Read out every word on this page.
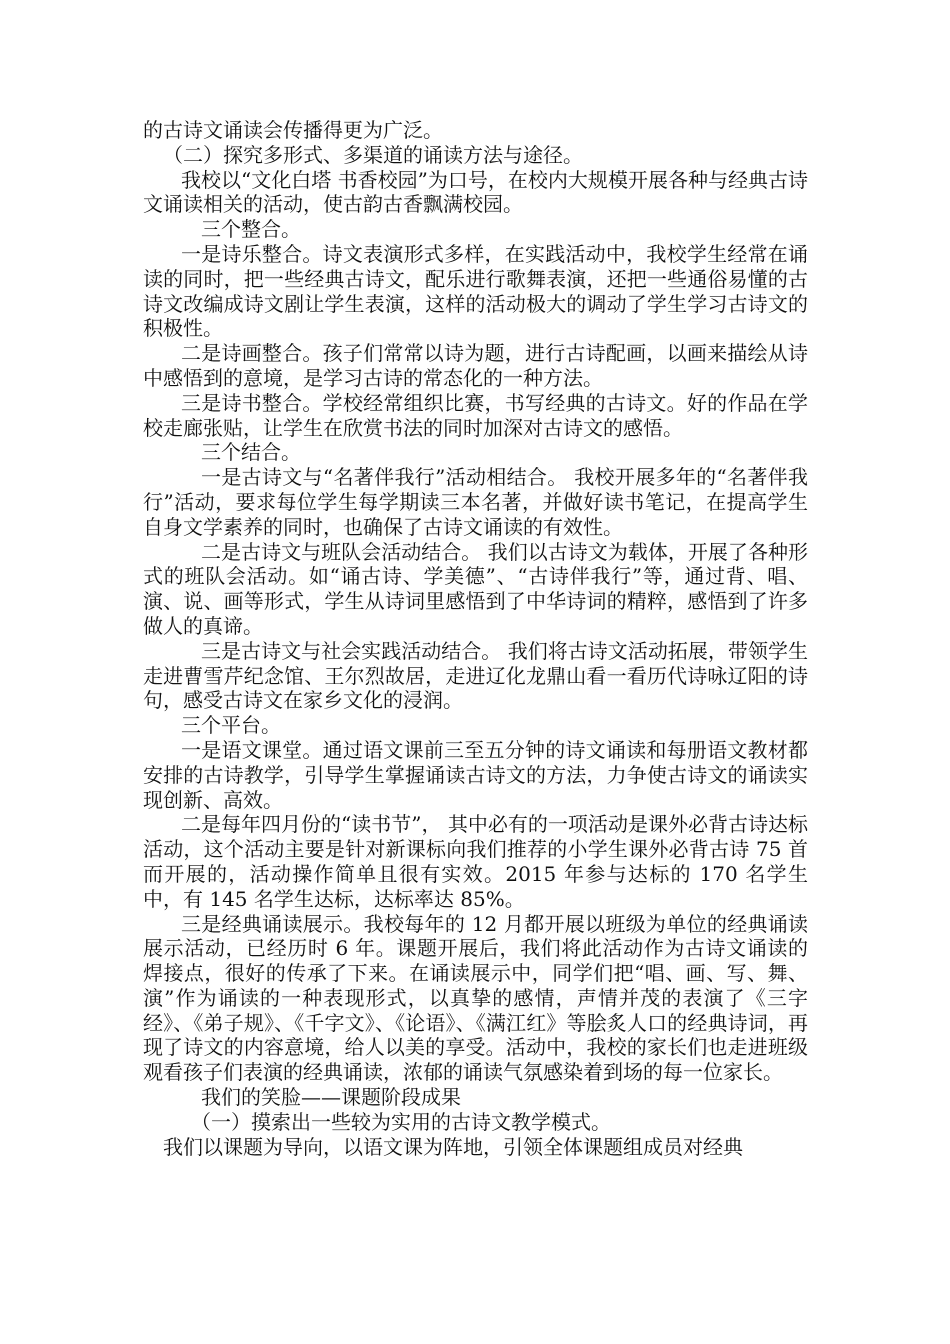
的古诗文诵读会传播得更为广泛。

（二）探究多形式、多渠道的诵读方法与途径。

我校以“文化白塔 书香校园”为口号，在校内大规模开展各种与经典古诗文诵读相关的活动，使古韵古香飘满校园。

三个整合。

一是诗乐整合。诗文表演形式多样，在实践活动中，我校学生经常在诵读的同时，把一些经典古诗文，配乐进行歌舞表演，还把一些通俗易懂的古诗文改编成诗文剧让学生表演，这样的活动极大的调动了学生学习古诗文的积极性。

二是诗画整合。孩子们常常以诗为题，进行古诗配画，以画来描绘从诗中感悟到的意境，是学习古诗的常态化的一种方法。

三是诗书整合。学校经常组织比赛，书写经典的古诗文。好的作品在学校走廊张贴，让学生在欣赏书法的同时加深对古诗文的感悟。

三个结合。

一是古诗文与“名著伴我行”活动相结合。 我校开展多年的“名著伴我行”活动，要求每位学生每学期读三本名著，并做好读书笔记，在提高学生自身文学素养的同时，也确保了古诗文诵读的有效性。

二是古诗文与班队会活动结合。 我们以古诗文为载体，开展了各种形式的班队会活动。如“诵古诗、学美德”、“古诗伴我行”等，通过背、唱、演、说、画等形式，学生从诗词里感悟到了中华诗词的精粹，感悟到了许多做人的真谛。

三是古诗文与社会实践活动结合。 我们将古诗文活动拓展，带领学生走进曹雪芹纪念馆、王尔烈故居，走进辽化龙鼎山看一看历代诗咏辽阳的诗句，感受古诗文在家乡文化的浸润。

三个平台。

一是语文课堂。通过语文课前三至五分钟的诗文诵读和每册语文教材都安排的古诗教学，引导学生掌握诵读古诗文的方法，力争使古诗文的诵读实现创新、高效。

二是每年四月份的“读书节”， 其中必有的一项活动是课外必背古诗达标活动，这个活动主要是针对新课标向我们推荐的小学生课外必背古诗 75 首而开展的，活动操作简单且很有实效。2015 年参与达标的 170 名学生中，有 145 名学生达标，达标率达 85%。

三是经典诵读展示。我校每年的 12 月都开展以班级为单位的经典诵读展示活动，已经历时 6 年。课题开展后，我们将此活动作为古诗文诵读的焊接点，很好的传承了下来。在诵读展示中，同学们把“唱、画、写、舞、演”作为诵读的一种表现形式，以真挚的感情，声情并茂的表演了《三字经》、《弟子规》、《千字文》、《论语》、《满江红》等脍炙人口的经典诗词，再现了诗文的内容意境，给人以美的享受。活动中，我校的家长们也走进班级观看孩子们表演的经典诵读，浓郁的诵读气氛感染着到场的每一位家长。

我们的笑脸——课题阶段成果

（一）摸索出一些较为实用的古诗文教学模式。

我们以课题为导向，以语文课为阵地，引领全体课题组成员对经典
